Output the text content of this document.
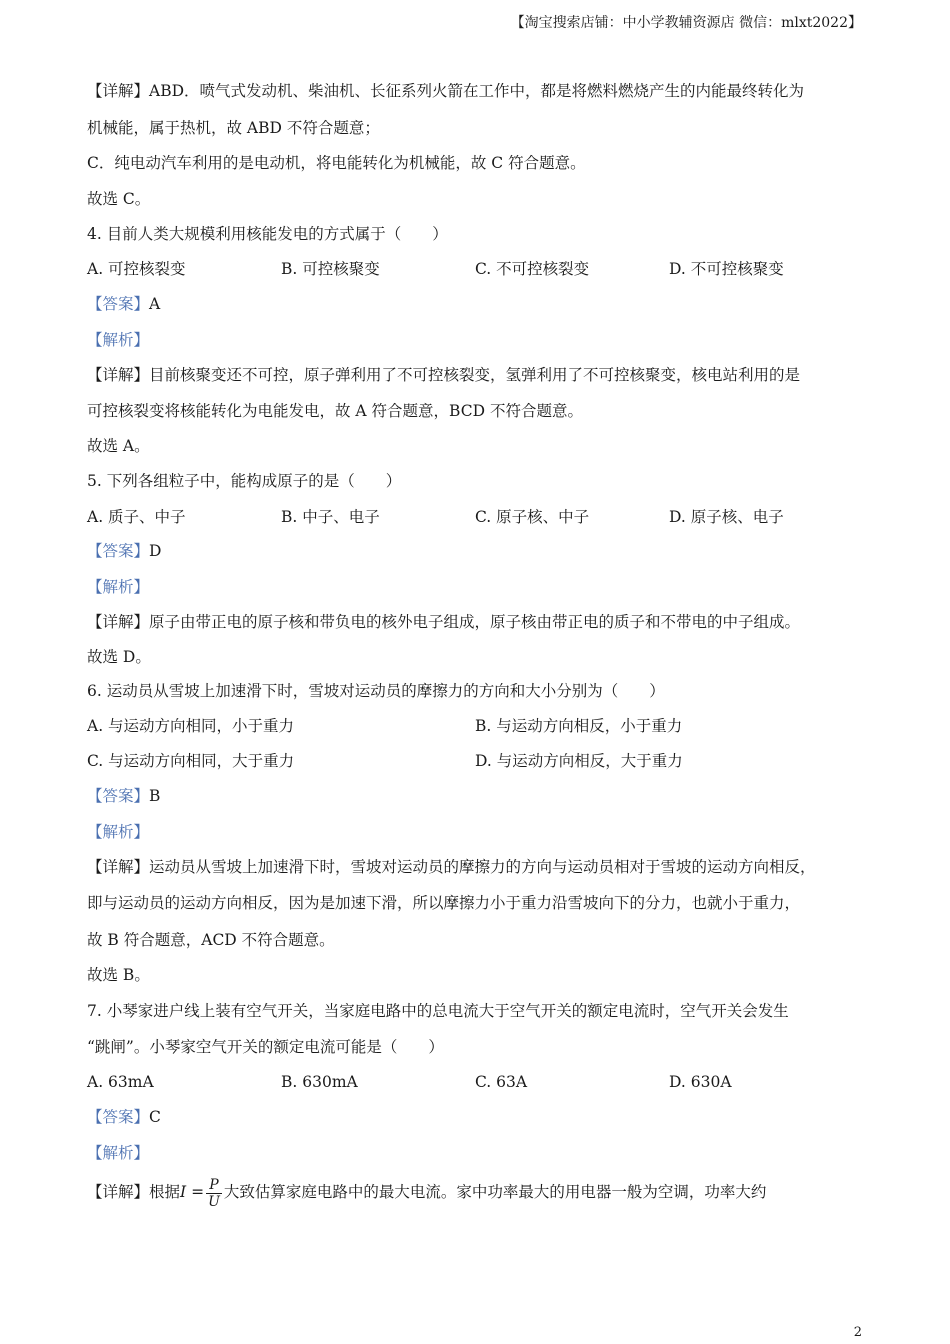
【淘宝搜索店铺：中小学教辅资源店 微信：mlxt2022】
【详解】ABD．喷气式发动机、柴油机、长征系列火箭在工作中，都是将燃料燃烧产生的内能最终转化为
机械能，属于热机，故 ABD 不符合题意；
C．纯电动汽车利用的是电动机，将电能转化为机械能，故 C 符合题意。
故选 C。
4. 目前人类大规模利用核能发电的方式属于（　　）
A. 可控核裂变	B. 可控核聚变	C. 不可控核裂变	D. 不可控核聚变
【答案】A
【解析】
【详解】目前核聚变还不可控，原子弹利用了不可控核裂变，氢弹利用了不可控核聚变，核电站利用的是
可控核裂变将核能转化为电能发电，故 A 符合题意，BCD 不符合题意。
故选 A。
5. 下列各组粒子中，能构成原子的是（　　）
A. 质子、中子	B. 中子、电子	C. 原子核、中子	D. 原子核、电子
【答案】D
【解析】
【详解】原子由带正电的原子核和带负电的核外电子组成，原子核由带正电的质子和不带电的中子组成。
故选 D。
6. 运动员从雪坡上加速滑下时，雪坡对运动员的摩擦力的方向和大小分别为（　　）
A. 与运动方向相同，小于重力	B. 与运动方向相反，小于重力
C. 与运动方向相同，大于重力	D. 与运动方向相反，大于重力
【答案】B
【解析】
【详解】运动员从雪坡上加速滑下时，雪坡对运动员的摩擦力的方向与运动员相对于雪坡的运动方向相反，
即与运动员的运动方向相反，因为是加速下滑，所以摩擦力小于重力沿雪坡向下的分力，也就小于重力，
故 B 符合题意，ACD 不符合题意。
故选 B。
7. 小琴家进户线上装有空气开关，当家庭电路中的总电流大于空气开关的额定电流时，空气开关会发生
“跳闸”。小琴家空气开关的额定电流可能是（　　）
A. 63mA	B. 630mA	C. 63A	D. 630A
【答案】C
【解析】
【详解】根据$I = \frac{P}{U}$ 大致估算家庭电路中的最大电流。家中功率最大的用电器一般为空调，功率大约
2
